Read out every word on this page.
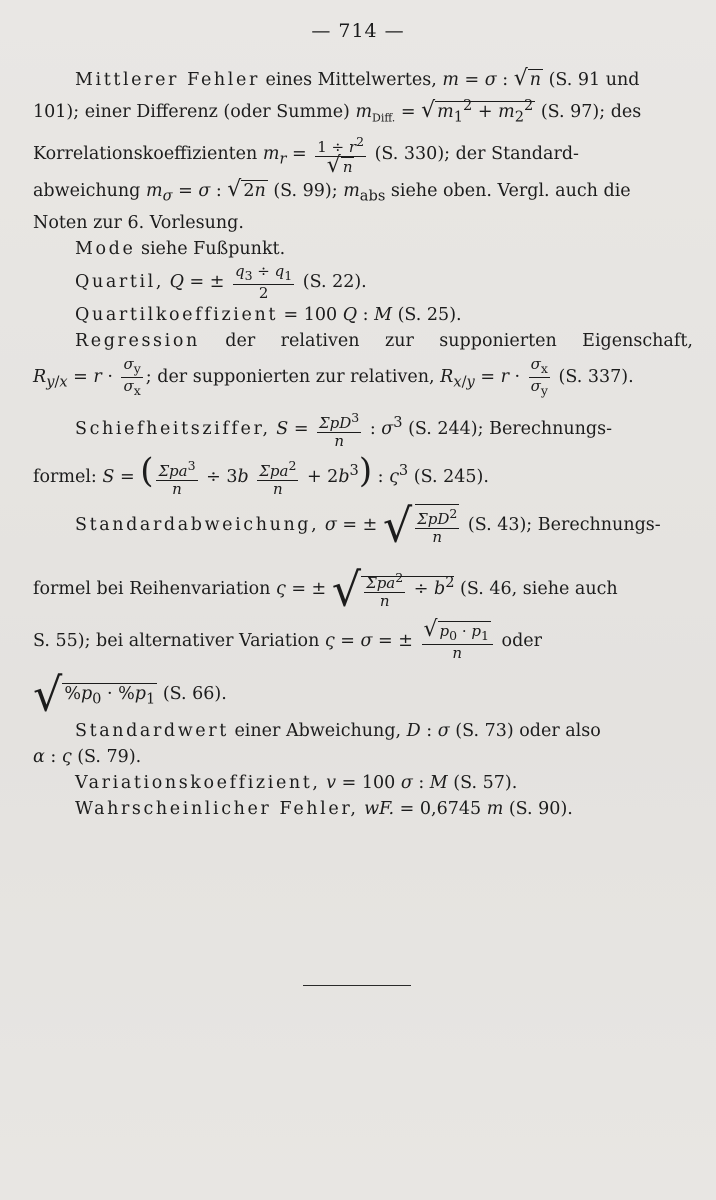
— 714 —
Mittlerer Fehler eines Mittelwertes, m = σ : √ n (S. 91 und
101); einer Differenz (oder Summe) $m_{Diff.}$ = √ $m_1^2 + m_2^2$ (S. 97); des
Korrelationskoeffizienten $m_r = \frac{1 \div r^2}{√ n} (S$. 330); der Standard-
abweichung $m_\sigma = \sigma$ : √ 2n (S. 99); $m_{abs}$ siehe oben. Vergl. auch die
Noten zur 6. Vorlesung.
Mode siehe Fußpunkt.
Quartil, Q = ± $\frac{q_3 \div q_1}{2} (S$. 22).
Quartilkoeffizient = 100 Q : M (S. 25).
Regression der relativen zur supponierten Eigenschaft,
$R_{y/x} = r \cdot \frac{\sigma_y}{\sigma_x}$ ; der supponierten zur relativen, $R_{x/y} = r \cdot \frac{\sigma_x}{\sigma_y} (S$. 337).
Schiefheitsziffer, $S = \frac{\Sigma pD^3}{n}$ : $\sigma^3$ (S. 244); Berechnungs-
formel: S = ( $\frac{\Sigma pa^3}{n} \div 3b \frac{\Sigma pa^2}{n} + 2b^3$) : $\varsigma^3$ (S. 245).
Standardabweichung, σ = ± √ $\frac{\Sigma pD^2}{n} (S$. 43); Berechnungs-
formel bei Reihenvariation ς = ± √ $\frac{\Sigma pa^2}{n} \div b^2$ (S. 46, siehe auch
S. 55); bei alternativer Variation ς = σ = ± $\frac{√ p_0 \cdot p_1}{n}$ oder
√ $\%p_0 \cdot \%p_1$ (S. 66).
Standardwert einer Abweichung, D : σ (S. 73) oder also
α : ς (S. 79).
Variationskoeffizient, v = 100 σ : M (S. 57).
Wahrscheinlicher Fehler, wF. = 0,6745 m (S. 90).
